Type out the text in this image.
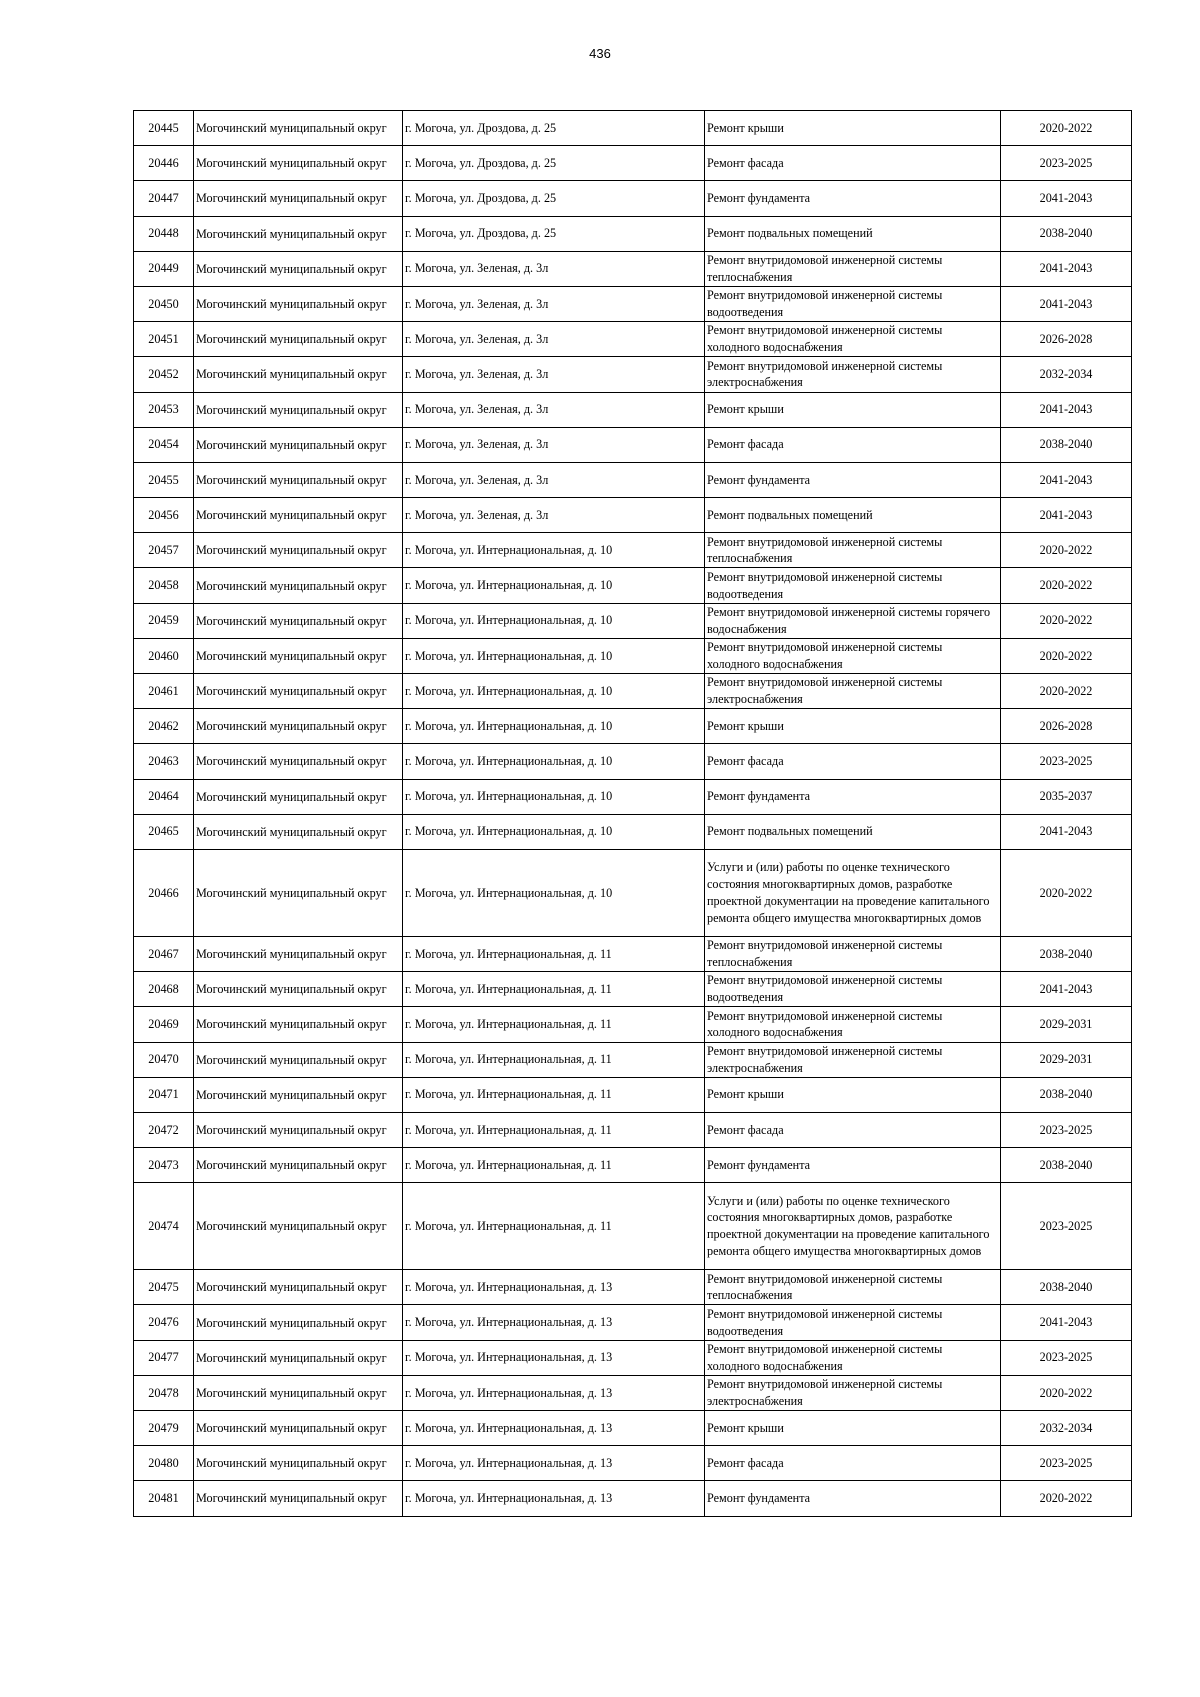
436
20445	Могочинский муниципальный округ	г. Могоча, ул. Дроздова, д. 25	Ремонт крыши	2020-2022
20446	Могочинский муниципальный округ	г. Могоча, ул. Дроздова, д. 25	Ремонт фасада	2023-2025
20447	Могочинский муниципальный округ	г. Могоча, ул. Дроздова, д. 25	Ремонт фундамента	2041-2043
20448	Могочинский муниципальный округ	г. Могоча, ул. Дроздова, д. 25	Ремонт подвальных помещений	2038-2040
20449	Могочинский муниципальный округ	г. Могоча, ул. Зеленая, д. 3л	Ремонт внутридомовой инженерной системы теплоснабжения	2041-2043
20450	Могочинский муниципальный округ	г. Могоча, ул. Зеленая, д. 3л	Ремонт внутридомовой инженерной системы водоотведения	2041-2043
20451	Могочинский муниципальный округ	г. Могоча, ул. Зеленая, д. 3л	Ремонт внутридомовой инженерной системы холодного водоснабжения	2026-2028
20452	Могочинский муниципальный округ	г. Могоча, ул. Зеленая, д. 3л	Ремонт внутридомовой инженерной системы электроснабжения	2032-2034
20453	Могочинский муниципальный округ	г. Могоча, ул. Зеленая, д. 3л	Ремонт крыши	2041-2043
20454	Могочинский муниципальный округ	г. Могоча, ул. Зеленая, д. 3л	Ремонт фасада	2038-2040
20455	Могочинский муниципальный округ	г. Могоча, ул. Зеленая, д. 3л	Ремонт фундамента	2041-2043
20456	Могочинский муниципальный округ	г. Могоча, ул. Зеленая, д. 3л	Ремонт подвальных помещений	2041-2043
20457	Могочинский муниципальный округ	г. Могоча, ул. Интернациональная, д. 10	Ремонт внутридомовой инженерной системы теплоснабжения	2020-2022
20458	Могочинский муниципальный округ	г. Могоча, ул. Интернациональная, д. 10	Ремонт внутридомовой инженерной системы водоотведения	2020-2022
20459	Могочинский муниципальный округ	г. Могоча, ул. Интернациональная, д. 10	Ремонт внутридомовой инженерной системы горячего водоснабжения	2020-2022
20460	Могочинский муниципальный округ	г. Могоча, ул. Интернациональная, д. 10	Ремонт внутридомовой инженерной системы холодного водоснабжения	2020-2022
20461	Могочинский муниципальный округ	г. Могоча, ул. Интернациональная, д. 10	Ремонт внутридомовой инженерной системы электроснабжения	2020-2022
20462	Могочинский муниципальный округ	г. Могоча, ул. Интернациональная, д. 10	Ремонт крыши	2026-2028
20463	Могочинский муниципальный округ	г. Могоча, ул. Интернациональная, д. 10	Ремонт фасада	2023-2025
20464	Могочинский муниципальный округ	г. Могоча, ул. Интернациональная, д. 10	Ремонт фундамента	2035-2037
20465	Могочинский муниципальный округ	г. Могоча, ул. Интернациональная, д. 10	Ремонт подвальных помещений	2041-2043
20466	Могочинский муниципальный округ	г. Могоча, ул. Интернациональная, д. 10	Услуги и (или) работы по оценке технического состояния многоквартирных домов, разработке проектной документации на проведение капитального ремонта общего имущества многоквартирных домов	2020-2022
20467	Могочинский муниципальный округ	г. Могоча, ул. Интернациональная, д. 11	Ремонт внутридомовой инженерной системы теплоснабжения	2038-2040
20468	Могочинский муниципальный округ	г. Могоча, ул. Интернациональная, д. 11	Ремонт внутридомовой инженерной системы водоотведения	2041-2043
20469	Могочинский муниципальный округ	г. Могоча, ул. Интернациональная, д. 11	Ремонт внутридомовой инженерной системы холодного водоснабжения	2029-2031
20470	Могочинский муниципальный округ	г. Могоча, ул. Интернациональная, д. 11	Ремонт внутридомовой инженерной системы электроснабжения	2029-2031
20471	Могочинский муниципальный округ	г. Могоча, ул. Интернациональная, д. 11	Ремонт крыши	2038-2040
20472	Могочинский муниципальный округ	г. Могоча, ул. Интернациональная, д. 11	Ремонт фасада	2023-2025
20473	Могочинский муниципальный округ	г. Могоча, ул. Интернациональная, д. 11	Ремонт фундамента	2038-2040
20474	Могочинский муниципальный округ	г. Могоча, ул. Интернациональная, д. 11	Услуги и (или) работы по оценке технического состояния многоквартирных домов, разработке проектной документации на проведение капитального ремонта общего имущества многоквартирных домов	2023-2025
20475	Могочинский муниципальный округ	г. Могоча, ул. Интернациональная, д. 13	Ремонт внутридомовой инженерной системы теплоснабжения	2038-2040
20476	Могочинский муниципальный округ	г. Могоча, ул. Интернациональная, д. 13	Ремонт внутридомовой инженерной системы водоотведения	2041-2043
20477	Могочинский муниципальный округ	г. Могоча, ул. Интернациональная, д. 13	Ремонт внутридомовой инженерной системы холодного водоснабжения	2023-2025
20478	Могочинский муниципальный округ	г. Могоча, ул. Интернациональная, д. 13	Ремонт внутридомовой инженерной системы электроснабжения	2020-2022
20479	Могочинский муниципальный округ	г. Могоча, ул. Интернациональная, д. 13	Ремонт крыши	2032-2034
20480	Могочинский муниципальный округ	г. Могоча, ул. Интернациональная, д. 13	Ремонт фасада	2023-2025
20481	Могочинский муниципальный округ	г. Могоча, ул. Интернациональная, д. 13	Ремонт фундамента	2020-2022
